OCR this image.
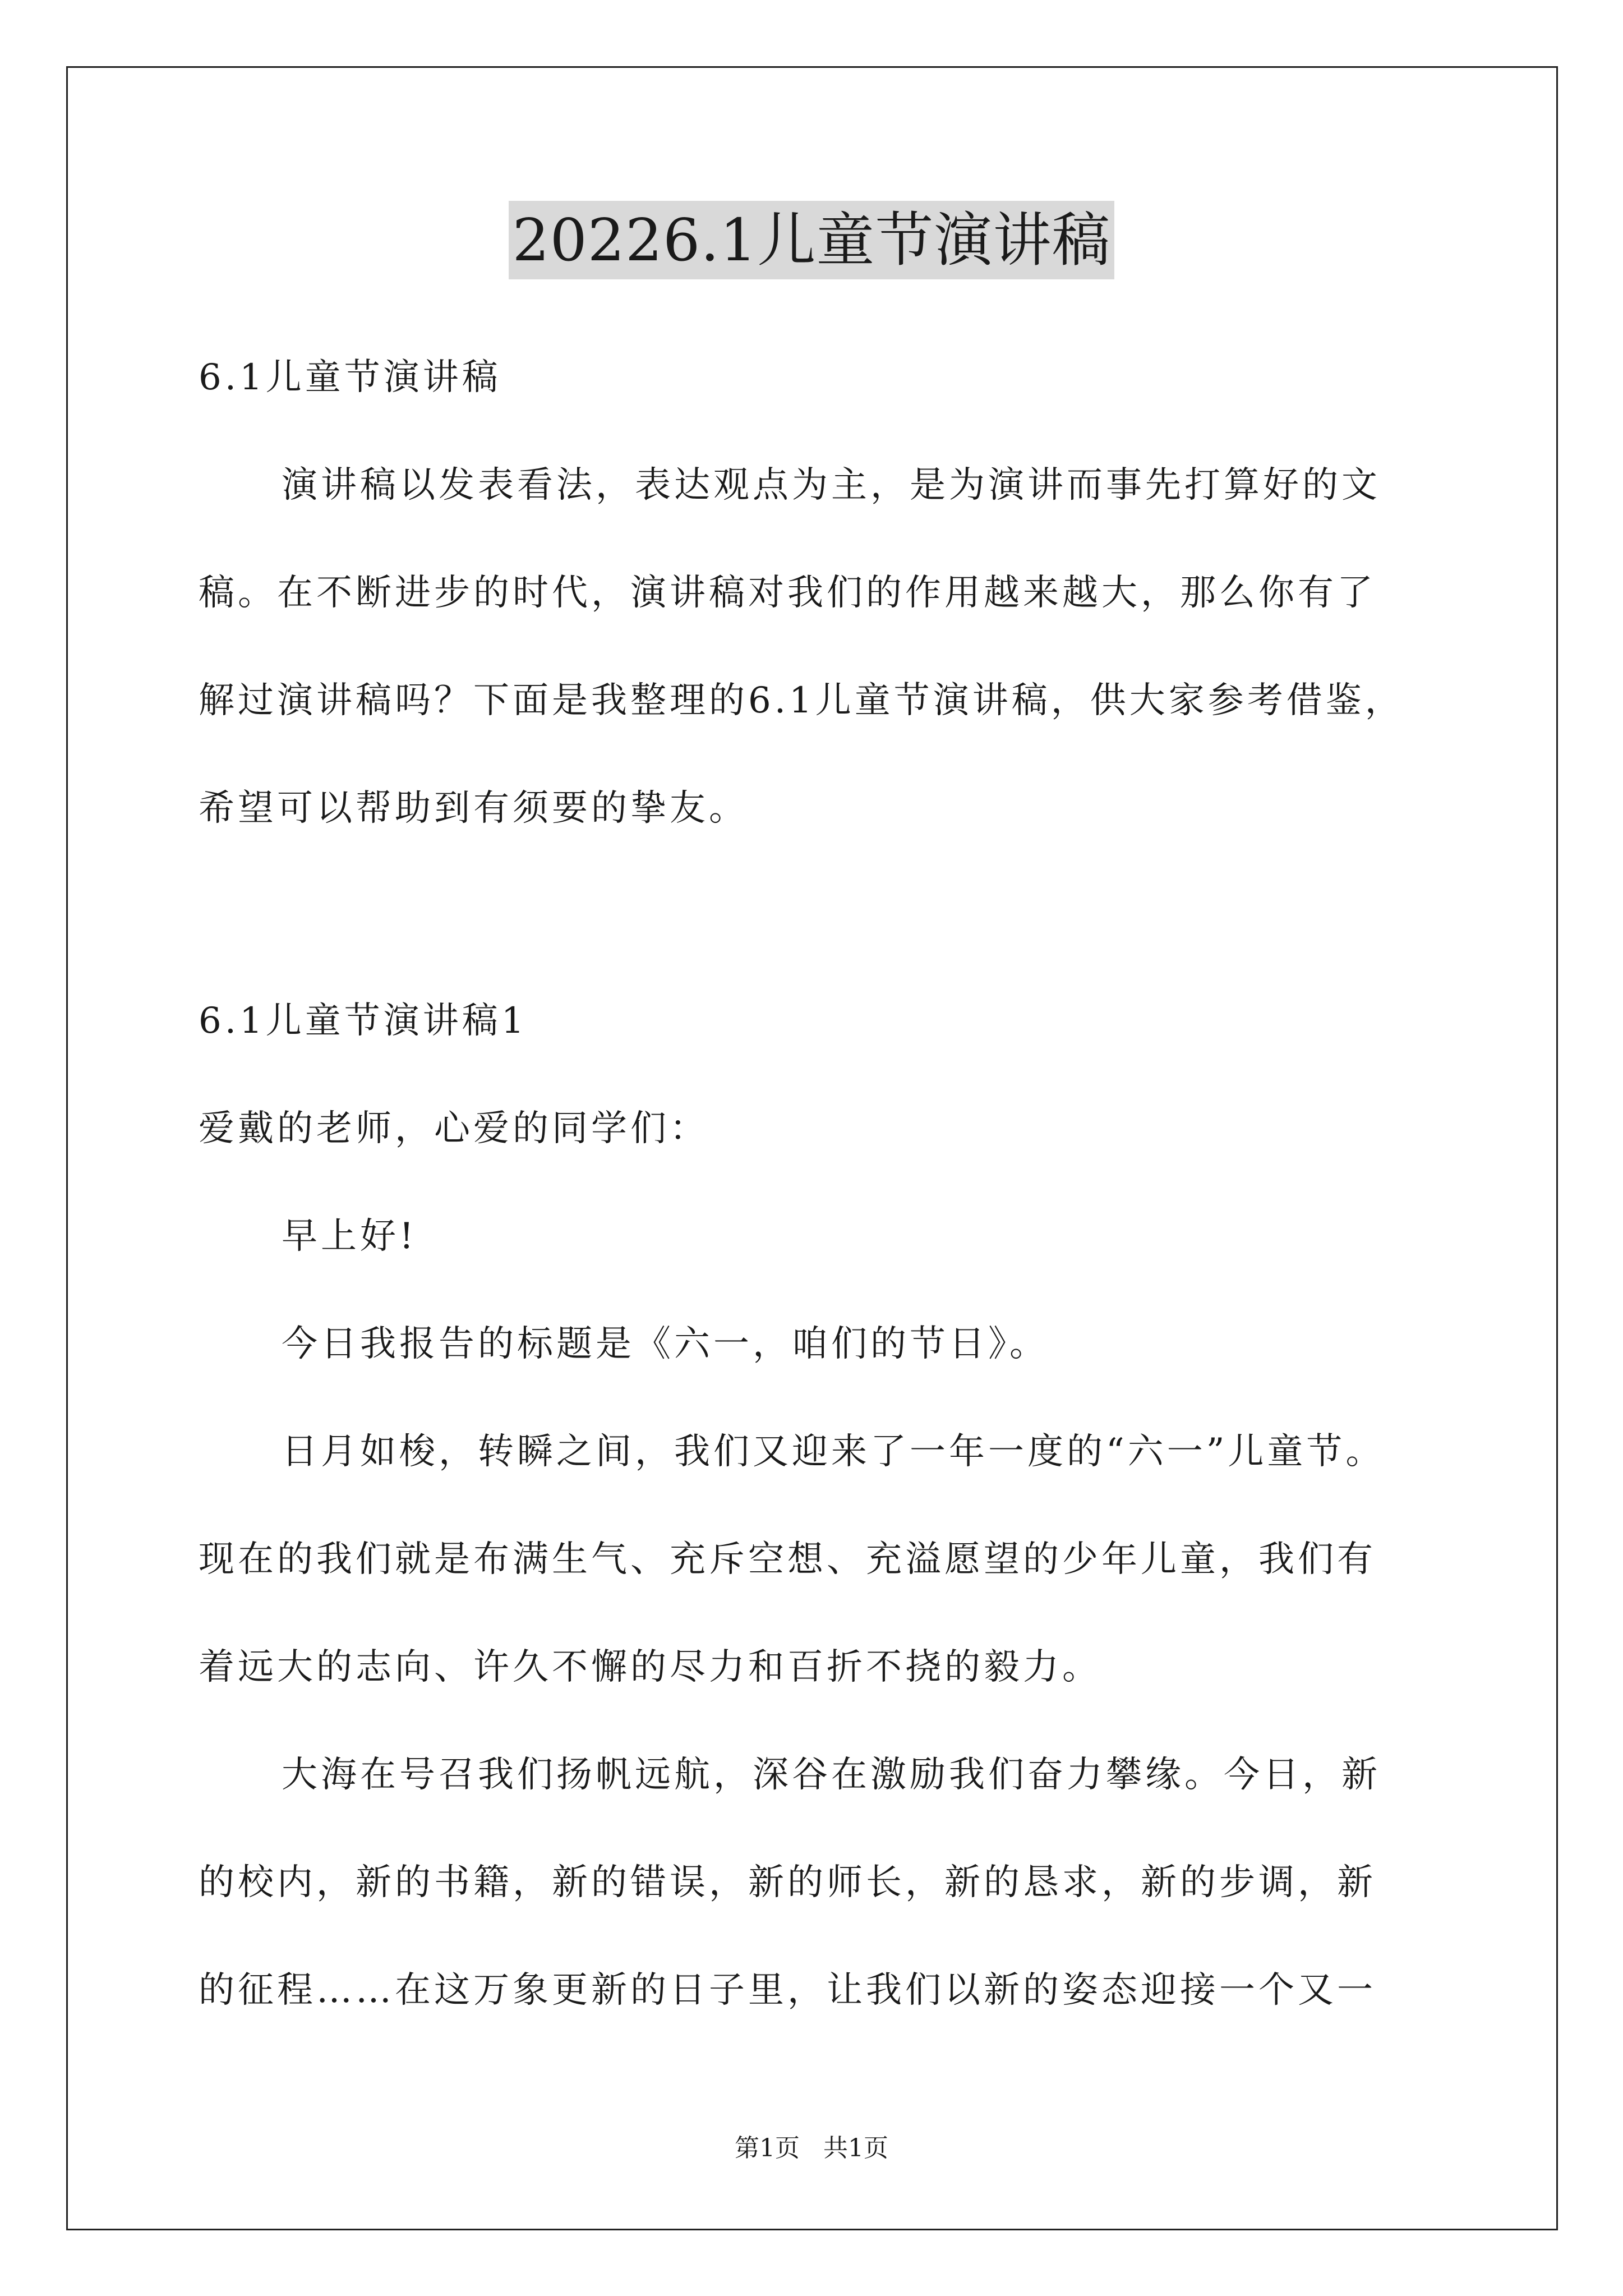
20226.1儿童节演讲稿
6.1儿童节演讲稿
演讲稿以发表看法，表达观点为主，是为演讲而事先打算好的文
稿。在不断进步的时代，演讲稿对我们的作用越来越大，那么你有了
解过演讲稿吗？下面是我整理的6.1儿童节演讲稿，供大家参考借鉴，
希望可以帮助到有须要的挚友。
6.1儿童节演讲稿1
爱戴的老师，心爱的同学们：
早上好!
今日我报告的标题是《六一，咱们的节日》。
日月如梭，转瞬之间，我们又迎来了一年一度的“六一”儿童节。
现在的我们就是布满生气、充斥空想、充溢愿望的少年儿童，我们有
着远大的志向、许久不懈的尽力和百折不挠的毅力。
大海在号召我们扬帆远航，深谷在激励我们奋力攀缘。今日，新
的校内，新的书籍，新的错误，新的师长，新的恳求，新的步调，新
的征程……在这万象更新的日子里，让我们以新的姿态迎接一个又一
第1页 共1页
